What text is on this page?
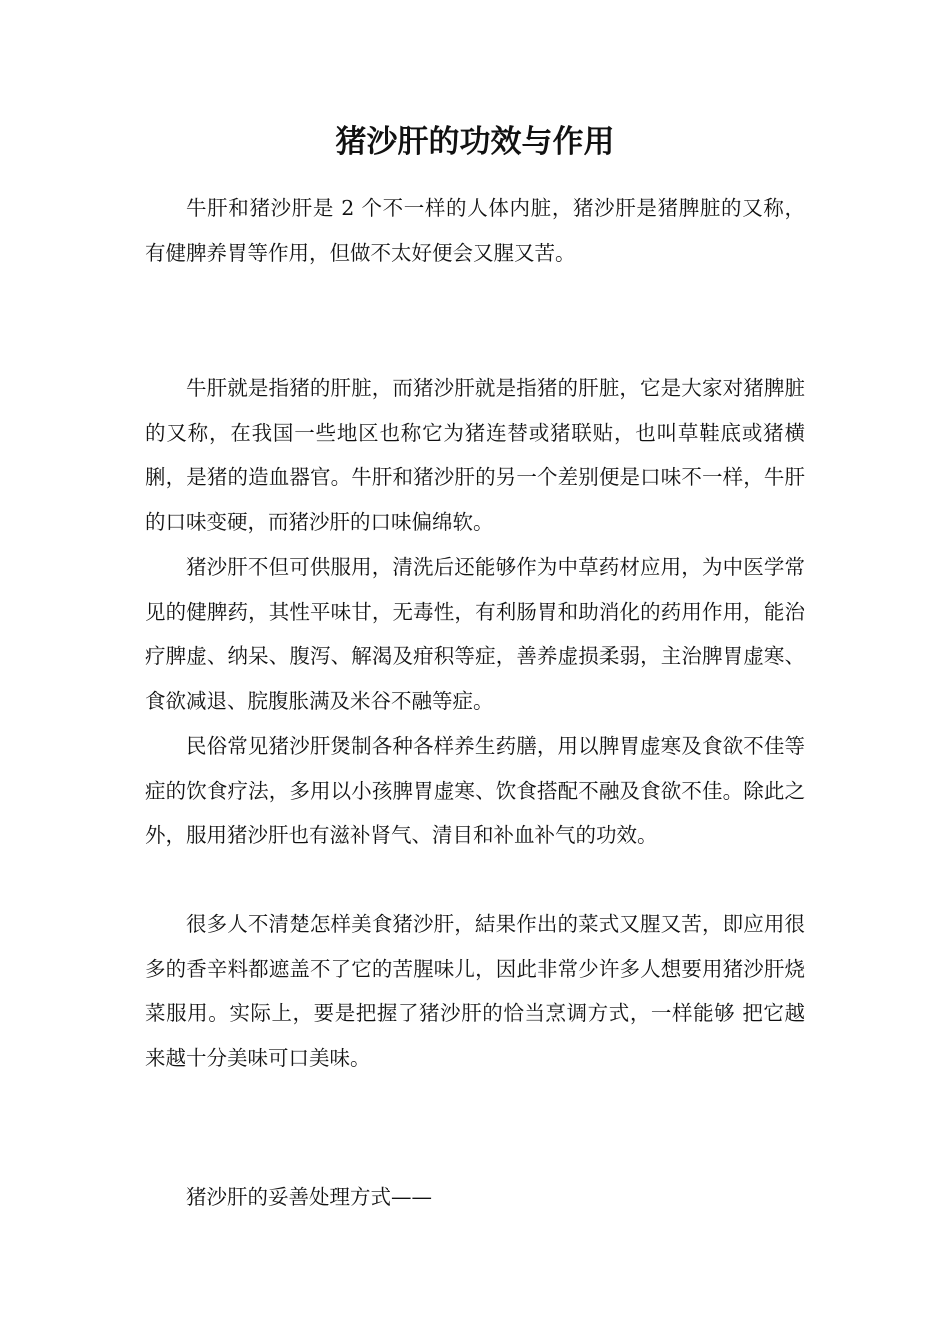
猪沙肝的功效与作用

牛肝和猪沙肝是 2 个不一样的人体内脏，猪沙肝是猪脾脏的又称，有健脾养胃等作用，但做不太好便会又腥又苦。

牛肝就是指猪的肝脏，而猪沙肝就是指猪的肝脏，它是大家对猪脾脏的又称，在我国一些地区也称它为猪连替或猪联贴，也叫草鞋底或猪横脷，是猪的造血器官。牛肝和猪沙肝的另一个差别便是口味不一样，牛肝的口味变硬，而猪沙肝的口味偏绵软。

猪沙肝不但可供服用，清洗后还能够作为中草药材应用，为中医学常见的健脾药，其性平味甘，无毒性，有利肠胃和助消化的药用作用，能治疗脾虚、纳呆、腹泻、解渴及疳积等症，善养虚损柔弱，主治脾胃虚寒、食欲减退、脘腹胀满及米谷不融等症。

民俗常见猪沙肝煲制各种各样养生药膳，用以脾胃虚寒及食欲不佳等症的饮食疗法，多用以小孩脾胃虚寒、饮食搭配不融及食欲不佳。除此之外，服用猪沙肝也有滋补肾气、清目和补血补气的功效。

很多人不清楚怎样美食猪沙肝，結果作出的菜式又腥又苦，即应用很多的香辛料都遮盖不了它的苦腥味儿，因此非常少许多人想要用猪沙肝烧菜服用。实际上，要是把握了猪沙肝的恰当烹调方式，一样能够 把它越来越十分美味可口美味。

猪沙肝的妥善处理方式——
